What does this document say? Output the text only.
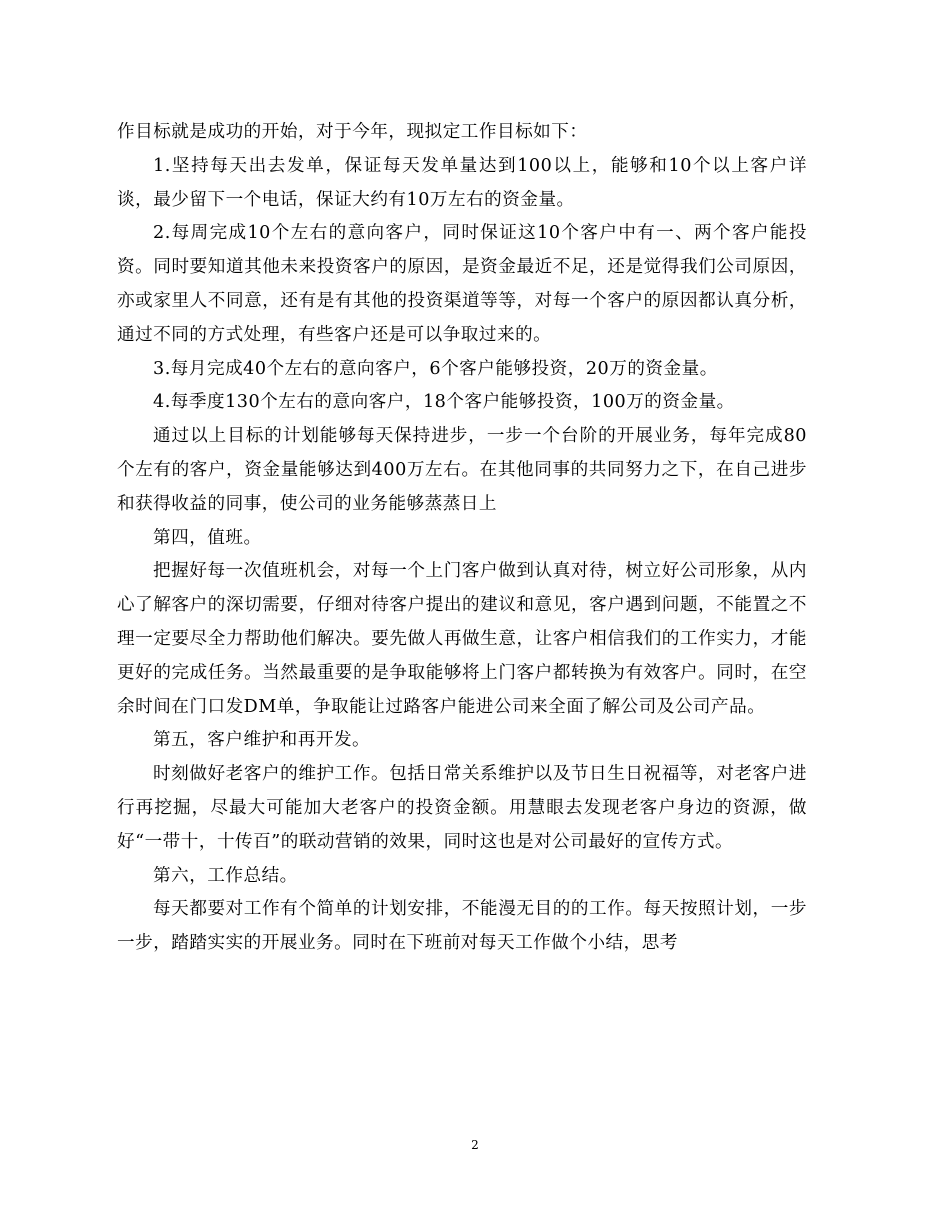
作目标就是成功的开始，对于今年，现拟定工作目标如下：

1.坚持每天出去发单，保证每天发单量达到100以上，能够和10个以上客户详谈，最少留下一个电话，保证大约有10万左右的资金量。

2.每周完成10个左右的意向客户，同时保证这10个客户中有一、两个客户能投资。同时要知道其他未来投资客户的原因，是资金最近不足，还是觉得我们公司原因，亦或家里人不同意，还有是有其他的投资渠道等等，对每一个客户的原因都认真分析，通过不同的方式处理，有些客户还是可以争取过来的。

3.每月完成40个左右的意向客户，6个客户能够投资，20万的资金量。

4.每季度130个左右的意向客户，18个客户能够投资，100万的资金量。

通过以上目标的计划能够每天保持进步，一步一个台阶的开展业务，每年完成80个左有的客户，资金量能够达到400万左右。在其他同事的共同努力之下，在自己进步和获得收益的同事，使公司的业务能够蒸蒸日上

第四，值班。

把握好每一次值班机会，对每一个上门客户做到认真对待，树立好公司形象，从内心了解客户的深切需要，仔细对待客户提出的建议和意见，客户遇到问题，不能置之不理一定要尽全力帮助他们解决。要先做人再做生意，让客户相信我们的工作实力，才能更好的完成任务。当然最重要的是争取能够将上门客户都转换为有效客户。同时，在空余时间在门口发DM单，争取能让过路客户能进公司来全面了解公司及公司产品。

第五，客户维护和再开发。

时刻做好老客户的维护工作。包括日常关系维护以及节日生日祝福等，对老客户进行再挖掘，尽最大可能加大老客户的投资金额。用慧眼去发现老客户身边的资源，做好“一带十，十传百”的联动营销的效果，同时这也是对公司最好的宣传方式。

第六，工作总结。

每天都要对工作有个简单的计划安排，不能漫无目的的工作。每天按照计划，一步一步，踏踏实实的开展业务。同时在下班前对每天工作做个小结，思考

2
